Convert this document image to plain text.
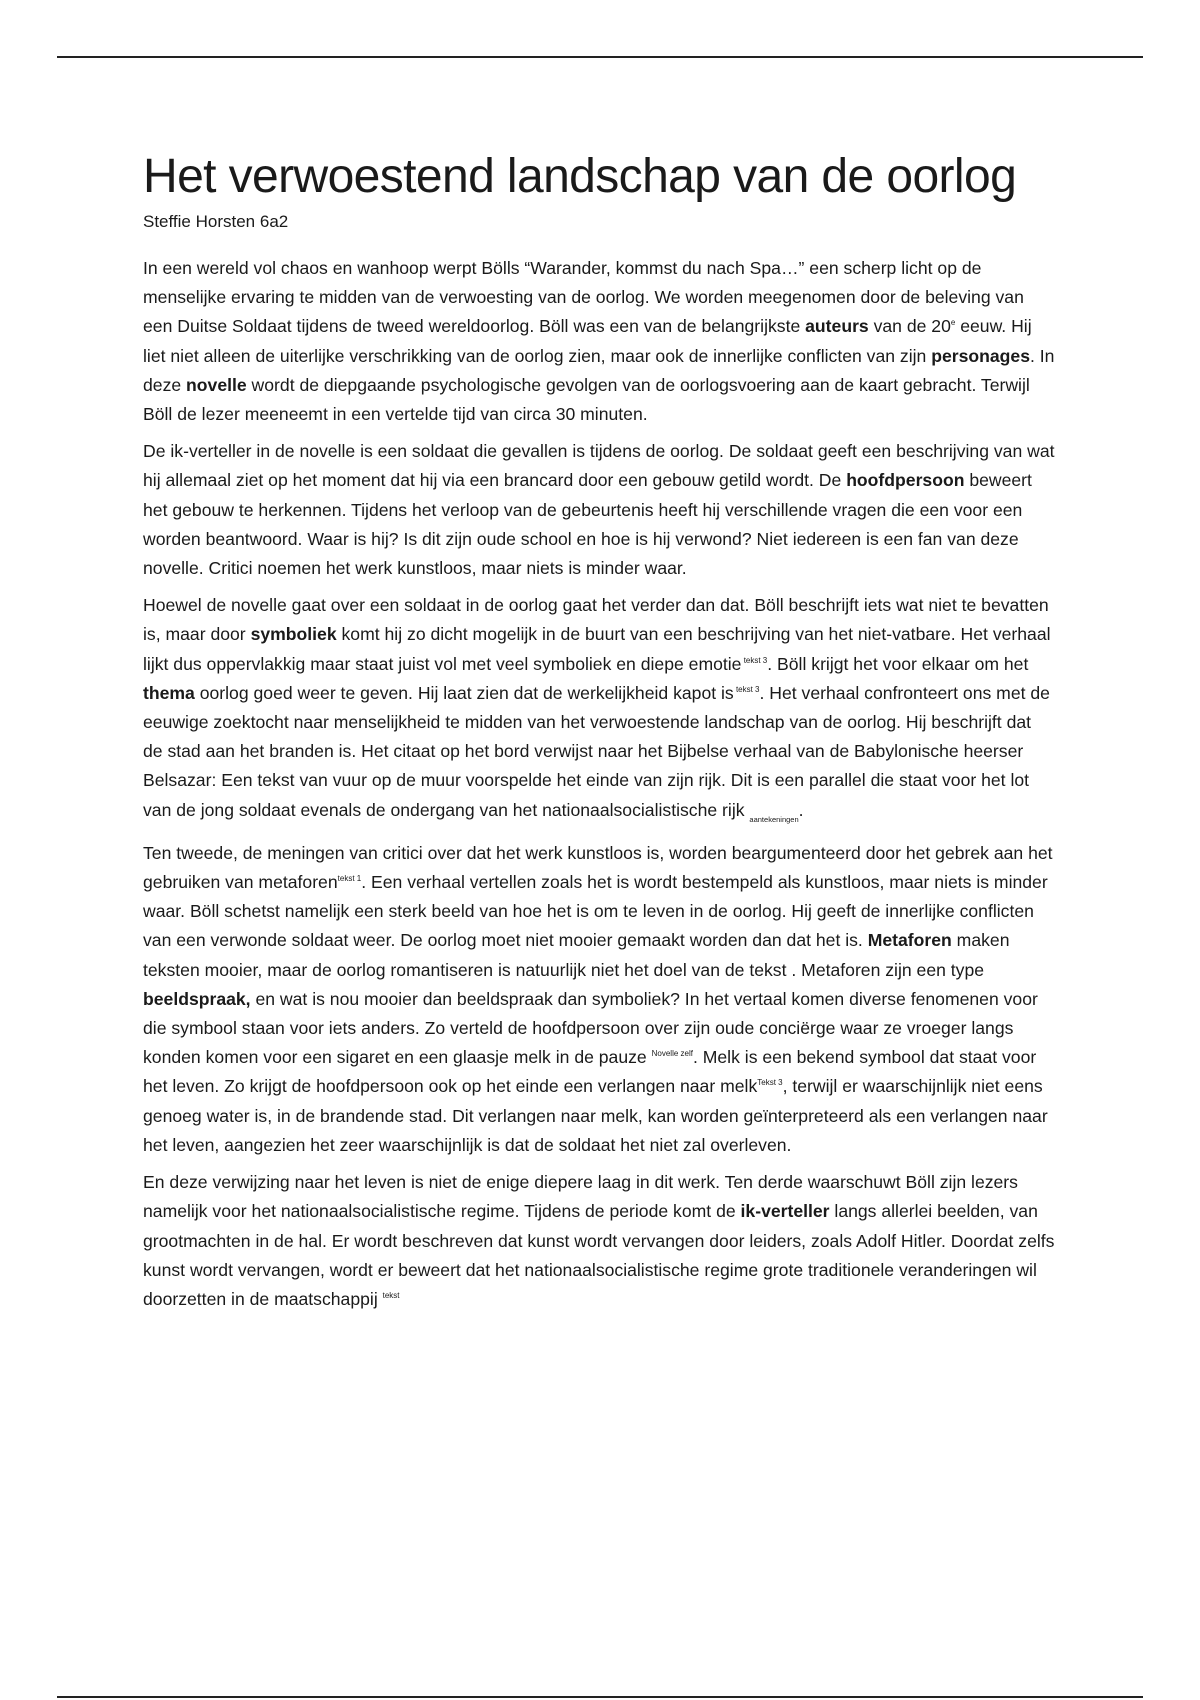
Het verwoestend landschap van de oorlog
Steffie Horsten 6a2

In een wereld vol chaos en wanhoop werpt Bölls “Warander, kommst du nach Spa…” een scherp licht op de menselijke ervaring te midden van de verwoesting van de oorlog. We worden meegenomen door de beleving van een Duitse Soldaat tijdens de tweed wereldoorlog. Böll was een van de belangrijkste auteurs van de 20e eeuw. Hij liet niet alleen de uiterlijke verschrikking van de oorlog zien, maar ook de innerlijke conflicten van zijn personages. In deze novelle wordt de diepgaande psychologische gevolgen van de oorlogsvoering aan de kaart gebracht. Terwijl Böll de lezer meeneemt in een vertelde tijd van circa 30 minuten.

De ik-verteller in de novelle is een soldaat die gevallen is tijdens de oorlog. De soldaat geeft een beschrijving van wat hij allemaal ziet op het moment dat hij via een brancard door een gebouw getild wordt. De hoofdpersoon beweert het gebouw te herkennen. Tijdens het verloop van de gebeurtenis heeft hij verschillende vragen die een voor een worden beantwoord. Waar is hij? Is dit zijn oude school en hoe is hij verwond? Niet iedereen is een fan van deze novelle. Critici noemen het werk kunstloos, maar niets is minder waar.

Hoewel de novelle gaat over een soldaat in de oorlog gaat het verder dan dat. Böll beschrijft iets wat niet te bevatten is, maar door symboliek komt hij zo dicht mogelijk in de buurt van een beschrijving van het niet-vatbare. Het verhaal lijkt dus oppervlakkig maar staat juist vol met veel symboliek en diepe emotie $^{tekst 3}$. Böll krijgt het voor elkaar om het thema oorlog goed weer te geven. Hij laat zien dat de werkelijkheid kapot is $^{tekst 3}$. Het verhaal confronteert ons met de eeuwige zoektocht naar menselijkheid te midden van het verwoestende landschap van de oorlog. Hij beschrijft dat de stad aan het branden is. Het citaat op het bord verwijst naar het Bijbelse verhaal van de Babylonische heerser Belsazar: Een tekst van vuur op de muur voorspelde het einde van zijn rijk. Dit is een parallel die staat voor het lot van de jong soldaat evenals de ondergang van het nationaalsocialistische rijk $_{aantekeningen}$.

Ten tweede, de meningen van critici over dat het werk kunstloos is, worden beargumenteerd door het gebrek aan het gebruiken van metaforen$^{tekst 1}$. Een verhaal vertellen zoals het is wordt bestempeld als kunstloos, maar niets is minder waar. Böll schetst namelijk een sterk beeld van hoe het is om te leven in de oorlog. Hij geeft de innerlijke conflicten van een verwonde soldaat weer. De oorlog moet niet mooier gemaakt worden dan dat het is. Metaforen maken teksten mooier, maar de oorlog romantiseren is natuurlijk niet het doel van de tekst . Metaforen zijn een type beeldspraak, en wat is nou mooier dan beeldspraak dan symboliek? In het vertaal komen diverse fenomenen voor die symbool staan voor iets anders. Zo verteld de hoofdpersoon over zijn oude conciërge waar ze vroeger langs konden komen voor een sigaret en een glaasje melk in de pauze $^{Novelle zelf}$. Melk is een bekend symbool dat staat voor het leven. Zo krijgt de hoofdpersoon ook op het einde een verlangen naar melk$^{Tekst 3}$, terwijl er waarschijnlijk niet eens genoeg water is, in de brandende stad. Dit verlangen naar melk, kan worden geïnterpreteerd als een verlangen naar het leven, aangezien het zeer waarschijnlijk is dat de soldaat het niet zal overleven.

En deze verwijzing naar het leven is niet de enige diepere laag in dit werk. Ten derde waarschuwt Böll zijn lezers namelijk voor het nationaalsocialistische regime. Tijdens de periode komt de ik-verteller langs allerlei beelden, van grootmachten in de hal. Er wordt beschreven dat kunst wordt vervangen door leiders, zoals Adolf Hitler. Doordat zelfs kunst wordt vervangen, wordt er beweert dat het nationaalsocialistische regime grote traditionele veranderingen wil doorzetten in de maatschappij $^{tekst}$
